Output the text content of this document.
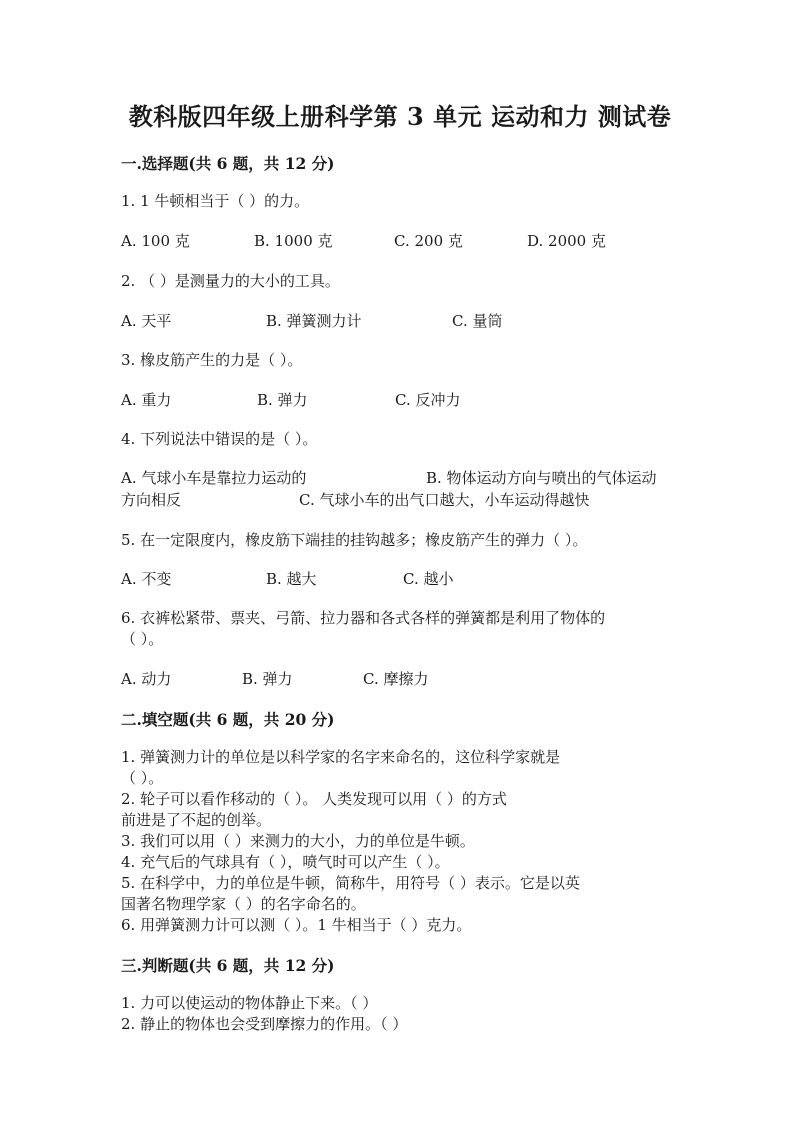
教科版四年级上册科学第 3 单元 运动和力 测试卷
一.选择题(共 6 题，共 12 分)
1. 1 牛顿相当于（ ）的力。
A. 100 克	B. 1000 克	C. 200 克	D. 2000 克
2. （ ）是测量力的大小的工具。
A. 天平	B. 弹簧测力计	C. 量筒
3. 橡皮筋产生的力是（ ）。
A. 重力	B. 弹力	C. 反冲力
4. 下列说法中错误的是（ ）。
A. 气球小车是靠拉力运动的	B. 物体运动方向与喷出的气体运动
方向相反	C. 气球小车的出气口越大，小车运动得越快
5. 在一定限度内，橡皮筋下端挂的挂钩越多；橡皮筋产生的弹力（ ）。
A. 不变	B. 越大	C. 越小
6. 衣裤松紧带、票夹、弓箭、拉力器和各式各样的弹簧都是利用了物体的
（ ）。
A. 动力	B. 弹力	C. 摩擦力
二.填空题(共 6 题，共 20 分)
1. 弹簧测力计的单位是以科学家的名字来命名的，这位科学家就是
（ ）。
2. 轮子可以看作移动的（ ）。 人类发现可以用（ ）的方式
前进是了不起的创举。
3. 我们可以用（ ）来测力的大小，力的单位是牛顿。
4. 充气后的气球具有（ ），喷气时可以产生（ ）。
5. 在科学中，力的单位是牛顿，简称牛，用符号（ ）表示。它是以英
国著名物理学家（ ）的名字命名的。
6. 用弹簧测力计可以测（ ）。1 牛相当于（ ）克力。
三.判断题(共 6 题，共 12 分)
1. 力可以使运动的物体静止下来。（ ）
2. 静止的物体也会受到摩擦力的作用。（ ）
